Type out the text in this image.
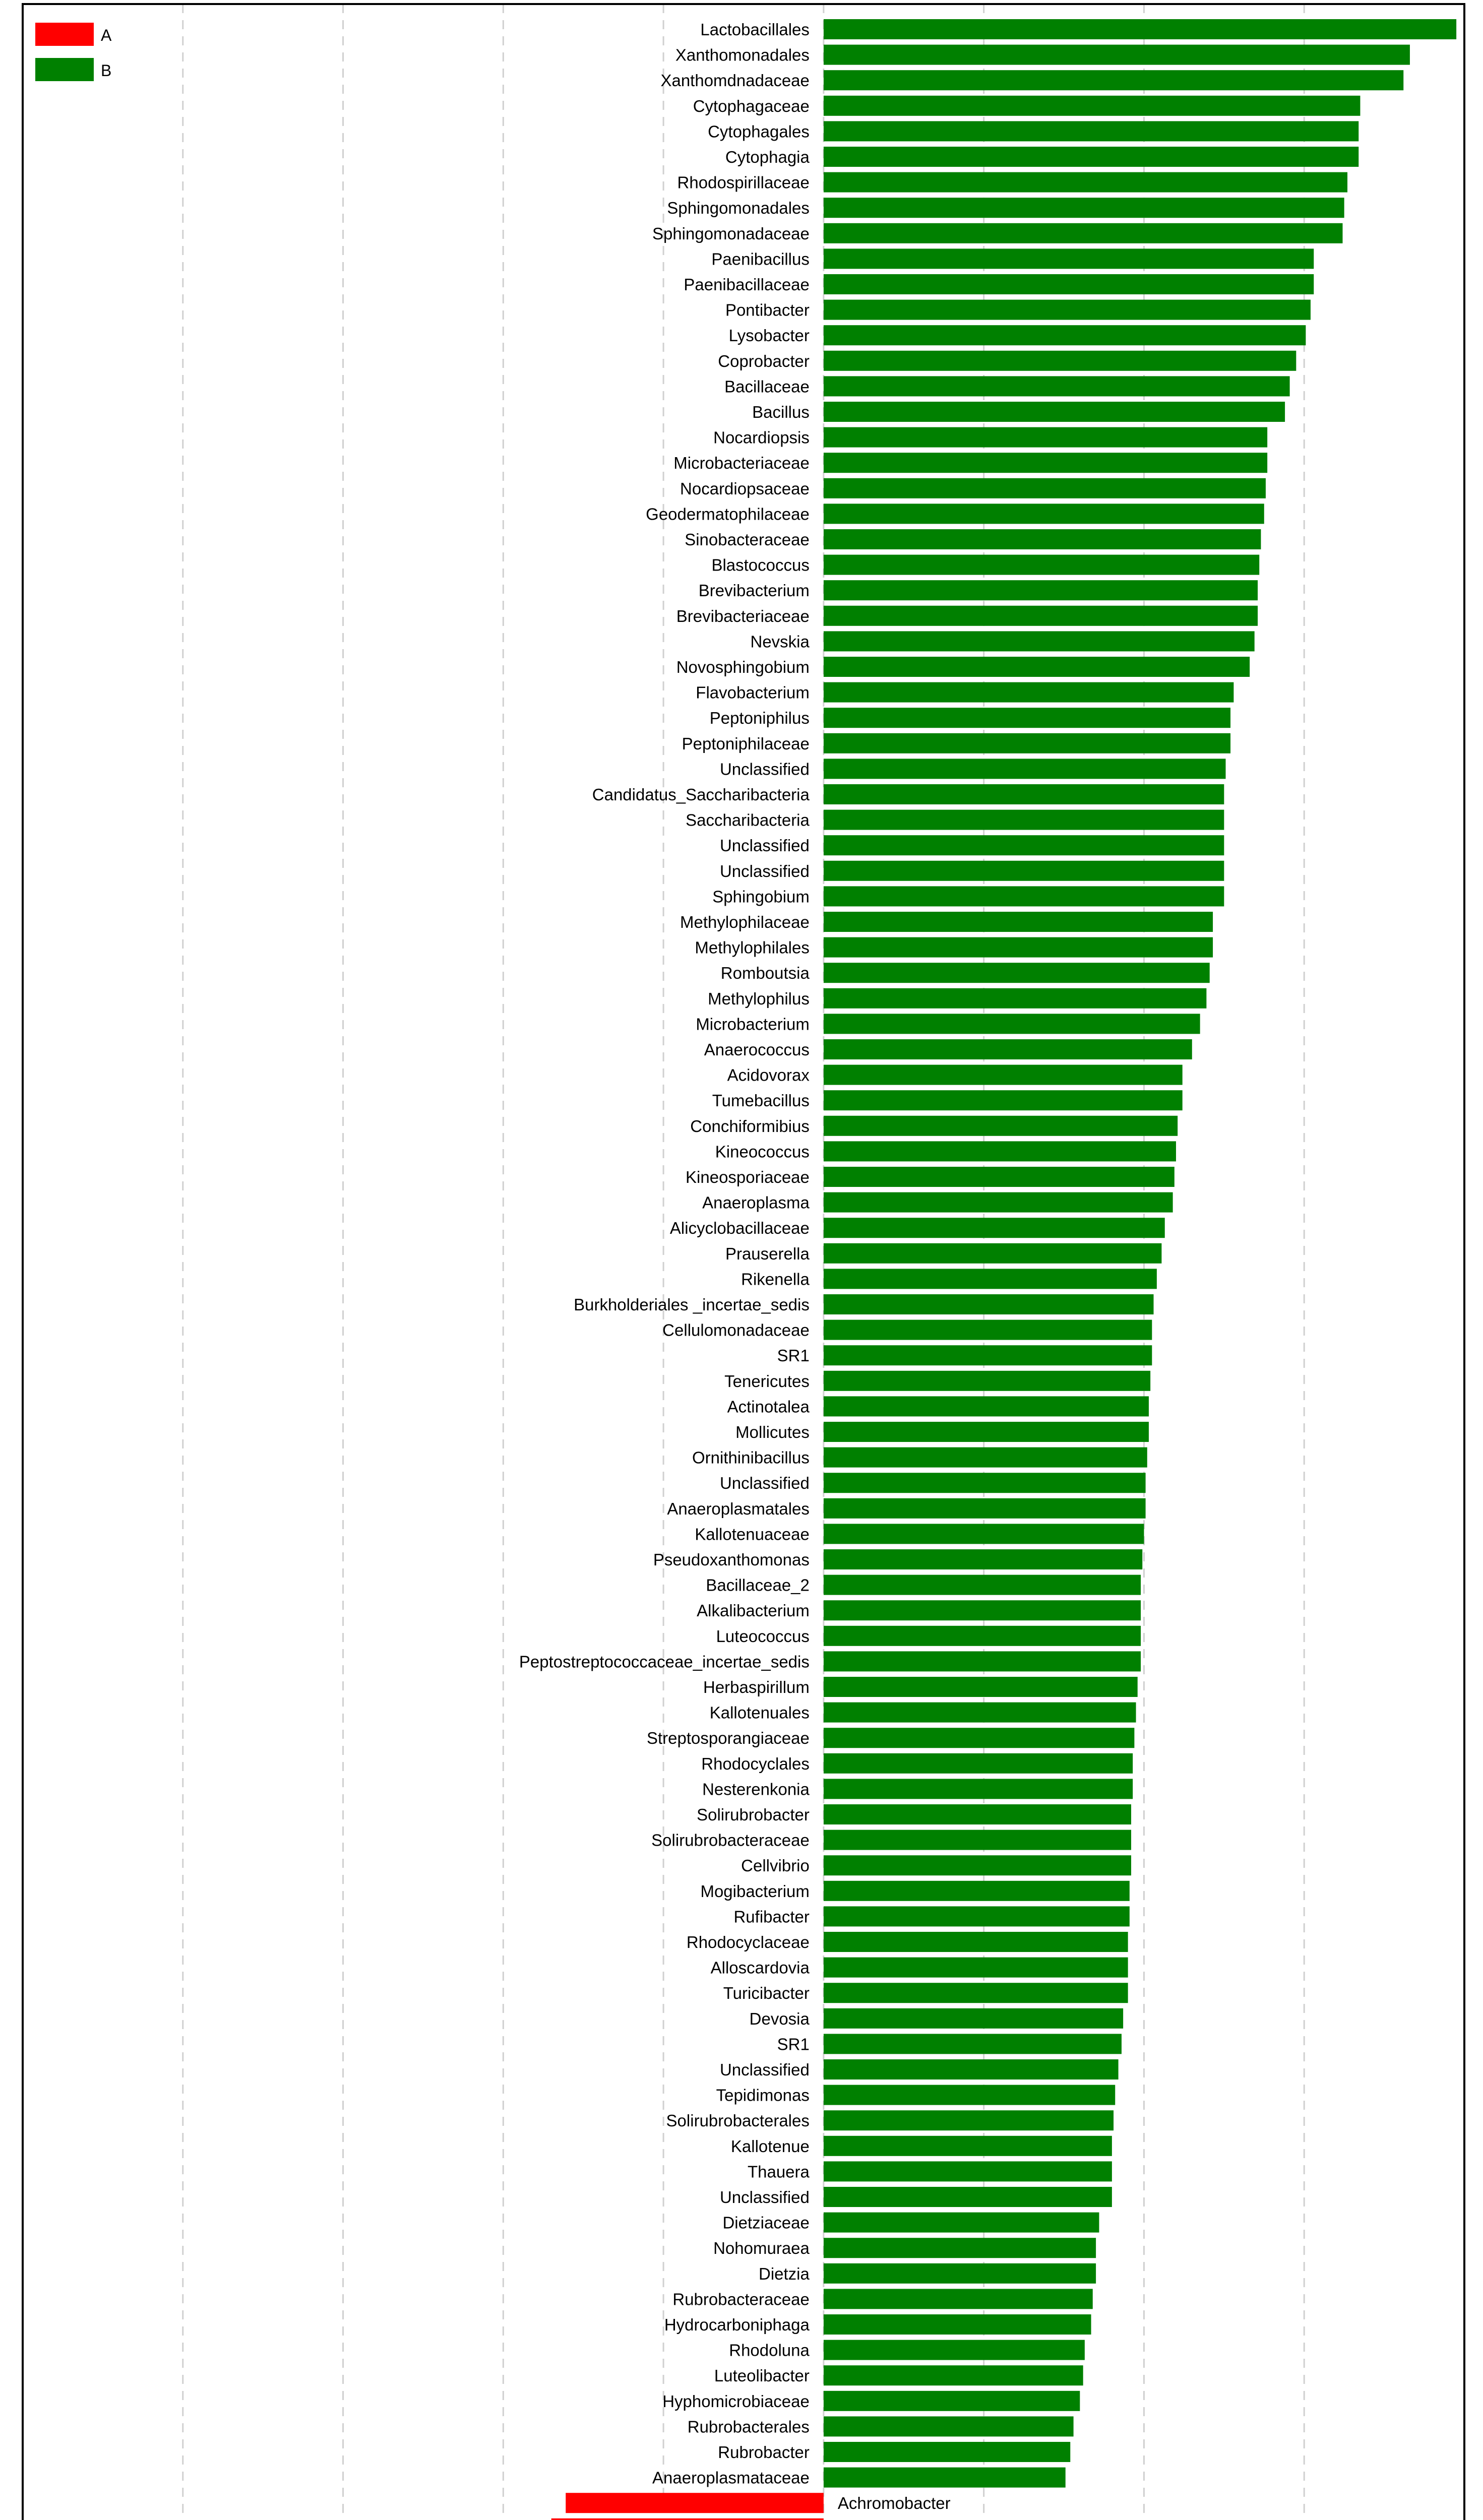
Lactobacillales
Xanthomonadales
Xanthomdnadaceae
Cytophagaceae
Cytophagales
Cytophagia
Rhodospirillaceae
Sphingomonadales
Sphingomonadaceae
Paenibacillus
Paenibacillaceae
Pontibacter
Lysobacter
Coprobacter
Bacillaceae
Bacillus
Nocardiopsis
Microbacteriaceae
Nocardiopsaceae
Geodermatophilaceae
Sinobacteraceae
Blastococcus
Brevibacterium
Brevibacteriaceae
Nevskia
Novosphingobium
Flavobacterium
Peptoniphilus
Peptoniphilaceae
Unclassified
Candidatus_Saccharibacteria
Saccharibacteria
Unclassified
Unclassified
Sphingobium
Methylophilaceae
Methylophilales
Romboutsia
Methylophilus
Microbacterium
Anaerococcus
Acidovorax
Tumebacillus
Conchiformibius
Kineococcus
Kineosporiaceae
Anaeroplasma
Alicyclobacillaceae
Prauserella
Rikenella
Burkholderiales _incertae_sedis
Cellulomonadaceae
SR1
Tenericutes
Actinotalea
Mollicutes
Ornithinibacillus
Unclassified
Anaeroplasmatales
Kallotenuaceae
Pseudoxanthomonas
Bacillaceae_2
Alkalibacterium
Luteococcus
Peptostreptococcaceae_incertae_sedis
Herbaspirillum
Kallotenuales
Streptosporangiaceae
Rhodocyclales
Nesterenkonia
Solirubrobacter
Solirubrobacteraceae
Cellvibrio
Mogibacterium
Rufibacter
Rhodocyclaceae
Alloscardovia
Turicibacter
Devosia
SR1
Unclassified
Tepidimonas
Solirubrobacterales
Kallotenue
Thauera
Unclassified
Dietziaceae
Nohomuraea
Dietzia
Rubrobacteraceae
Hydrocarboniphaga
Rhodoluna
Luteolibacter
Hyphomicrobiaceae
Rubrobacterales
Rubrobacter
Anaeroplasmataceae
Achromobacter
A
B
